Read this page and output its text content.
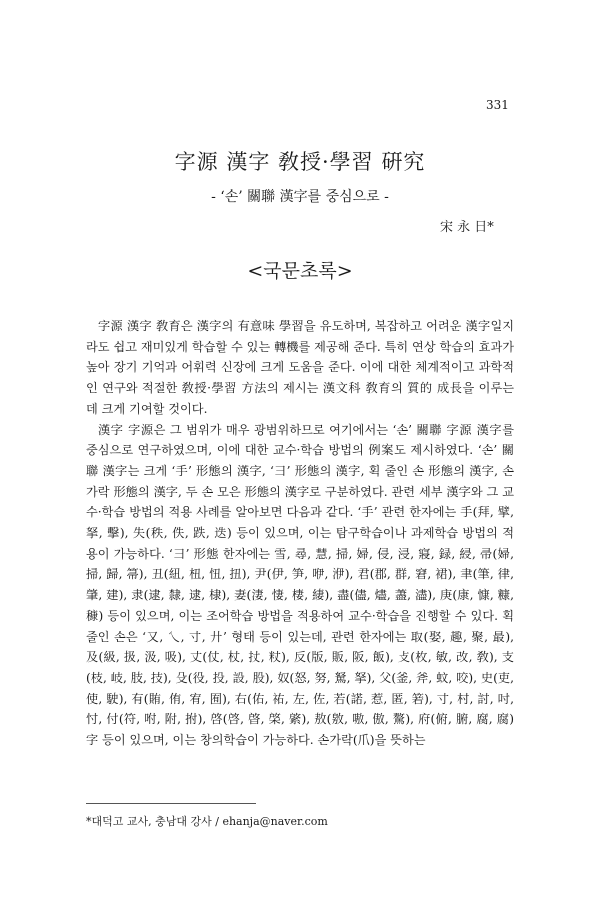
331
字源 漢字 敎授·學習 硏究
- ‘손’ 關聯 漢字를 중심으로 -
宋 永 日*
<국문초록>

字源 漢字 敎育은 漢字의 有意味 學習을 유도하며, 복잡하고 어려운 漢字일지라도 쉽고 재미있게 학습할 수 있는 轉機를 제공해 준다. 특히 연상 학습의 효과가 높아 장기 기억과 어휘력 신장에 크게 도움을 준다. 이에 대한 체계적이고 과학적인 연구와 적절한 敎授·學習 方法의 제시는 漢文科 敎育의 質的 成長을 이루는 데 크게 기여할 것이다.

漢字 字源은 그 범위가 매우 광범위하므로 여기에서는 ‘손’ 關聯 字源 漢字를 중심으로 연구하였으며, 이에 대한 교수·학습 방법의 例案도 제시하였다. ‘손’ 關聯 漢字는 크게 ‘手’ 形態의 漢字, ‘彐’ 形態의 漢字, 획 줄인 손 形態의 漢字, 손가락 形態의 漢字, 두 손 모은 形態의 漢字로 구분하였다. 관련 세부 漢字와 그 교수·학습 방법의 적용 사례를 알아보면 다음과 같다. ‘手’ 관련 한자에는 手(拜, 擘, 拏, 擊), 失(秩, 佚, 跌, 迭) 등이 있으며, 이는 탐구학습이나 과제학습 방법의 적용이 가능하다. ‘彐’ 形態 한자에는 雪, 尋, 慧, 掃, 婦, 侵, 浸, 寢, 録, 綅, 帚(婦, 掃, 歸, 箒), 丑(紐, 杻, 忸, 扭), 尹(伊, 笋, 咿, 洢), 君(郡, 群, 窘, 裙), 聿(筆, 律, 肇, 建), 隶(逮, 隸, 逮, 棣), 妻(淒, 悽, 棲, 緀), 盡(儘, 燼, 藎, 濜), 庚(康, 慷, 糠, 穅) 등이 있으며, 이는 조어학습 방법을 적용하여 교수·학습을 진행할 수 있다. 획 줄인 손은 ‘又, 乀, 寸, 廾’ 형태 등이 있는데, 관련 한자에는 取(娶, 趣, 聚, 最), 及(級, 扱, 汲, 吸), 丈(仗, 杖, 扙, 粀), 反(版, 販, 阪, 飯), 攴(枚, 敏, 改, 敎), 支(枝, 岐, 肢, 技), 殳(役, 投, 設, 股), 奴(怒, 努, 駑, 拏), 父(釜, 斧, 蚊, 咬), 史(吏, 使, 駛), 有(賄, 侑, 宥, 囿), 右(佑, 祐, 左, 佐, 若(諾, 惹, 匿, 箬), 寸, 村, 討, 吋, 忖, 付(符, 咐, 附, 拊), 啓(啓, 晵, 棨, 綮), 敖(敫, 嗷, 傲, 驁), 府(俯, 腑, 腐, 腐)字 등이 있으며, 이는 창의학습이 가능하다. 손가락(爪)을 뜻하는

*대덕고 교사, 충남대 강사 / ehanja@naver.com
